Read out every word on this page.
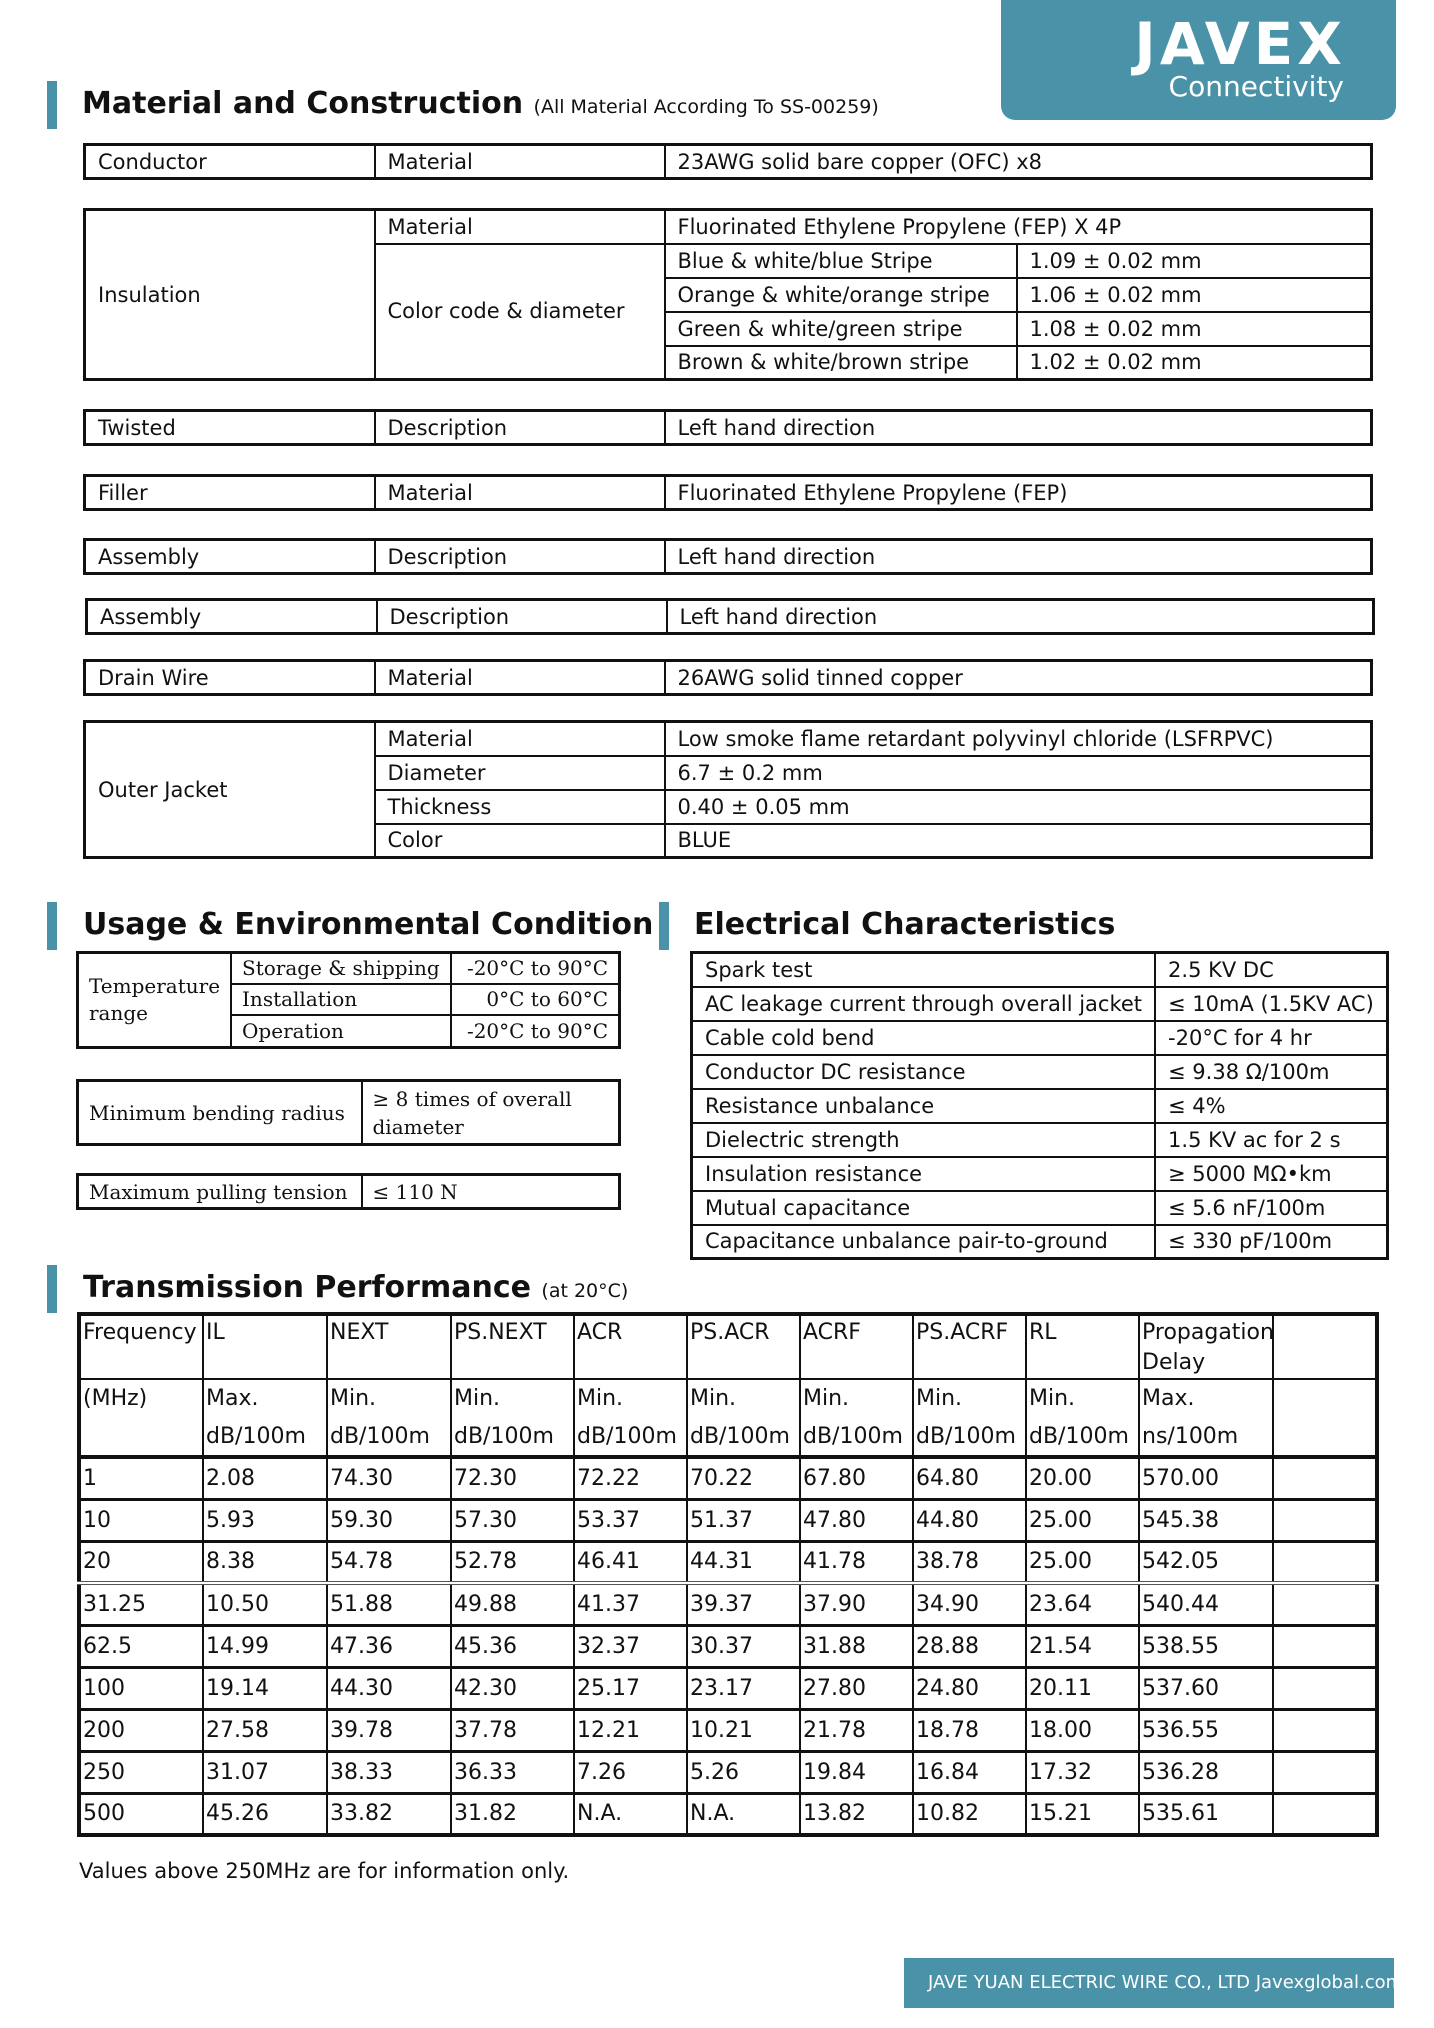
JAVEX
Connectivity
Material and Construction (All Material According To SS-00259)
Conductor	Material	23AWG solid bare copper (OFC) x8
Insulation	Material	Fluorinated Ethylene Propylene (FEP) X 4P	
	Color code & diameter	Blue & white/blue Stripe	1.09 ± 0.02 mm
		Orange & white/orange stripe	1.06 ± 0.02 mm
		Green & white/green stripe	1.08 ± 0.02 mm
		Brown & white/brown stripe	1.02 ± 0.02 mm
Twisted	Description	Left hand direction
Filler	Material	Fluorinated Ethylene Propylene (FEP)
Assembly	Description	Left hand direction
Assembly	Description	Left hand direction
Drain Wire	Material	26AWG solid tinned copper
Outer Jacket	Material	Low smoke flame retardant polyvinyl chloride (LSFRPVC)
	Diameter	6.7 ± 0.2 mm
	Thickness	0.40 ± 0.05 mm
	Color	BLUE
Usage & Environmental Condition
Temperature range	Storage & shipping	-20°C to 90°C
	Installation	0°C to 60°C
	Operation	-20°C to 90°C
Minimum bending radius	≥ 8 times of overall diameter
Maximum pulling tension	≤ 110 N
Electrical Characteristics
Spark test	2.5 KV DC
AC leakage current through overall jacket	≤ 10mA (1.5KV AC)
Cable cold bend	-20°C for 4 hr
Conductor DC resistance	≤ 9.38 Ω/100m
Resistance unbalance	≤ 4%
Dielectric strength	1.5 KV ac for 2 s
Insulation resistance	≥ 5000 MΩ•km
Mutual capacitance	≤ 5.6 nF/100m
Capacitance unbalance pair-to-ground	≤ 330 pF/100m
Transmission Performance (at 20°C)
Frequency	IL	NEXT	PS.NEXT	ACR	PS.ACR	ACRF	PS.ACRF	RL	Propagation Delay	
(MHz)	Max.	Min.	Min.	Min.	Min.	Min.	Min.	Min.	Max.	
	dB/100m	dB/100m	dB/100m	dB/100m	dB/100m	dB/100m	dB/100m	dB/100m	ns/100m	
1	2.08	74.30	72.30	72.22	70.22	67.80	64.80	20.00	570.00	
10	5.93	59.30	57.30	53.37	51.37	47.80	44.80	25.00	545.38	
20	8.38	54.78	52.78	46.41	44.31	41.78	38.78	25.00	542.05	
31.25	10.50	51.88	49.88	41.37	39.37	37.90	34.90	23.64	540.44	
62.5	14.99	47.36	45.36	32.37	30.37	31.88	28.88	21.54	538.55	
100	19.14	44.30	42.30	25.17	23.17	27.80	24.80	20.11	537.60	
200	27.58	39.78	37.78	12.21	10.21	21.78	18.78	18.00	536.55	
250	31.07	38.33	36.33	7.26	5.26	19.84	16.84	17.32	536.28	
500	45.26	33.82	31.82	N.A.	N.A.	13.82	10.82	15.21	535.61	
Values above 250MHz are for information only.
JAVE YUAN ELECTRIC WIRE CO., LTD Javexglobal.com
